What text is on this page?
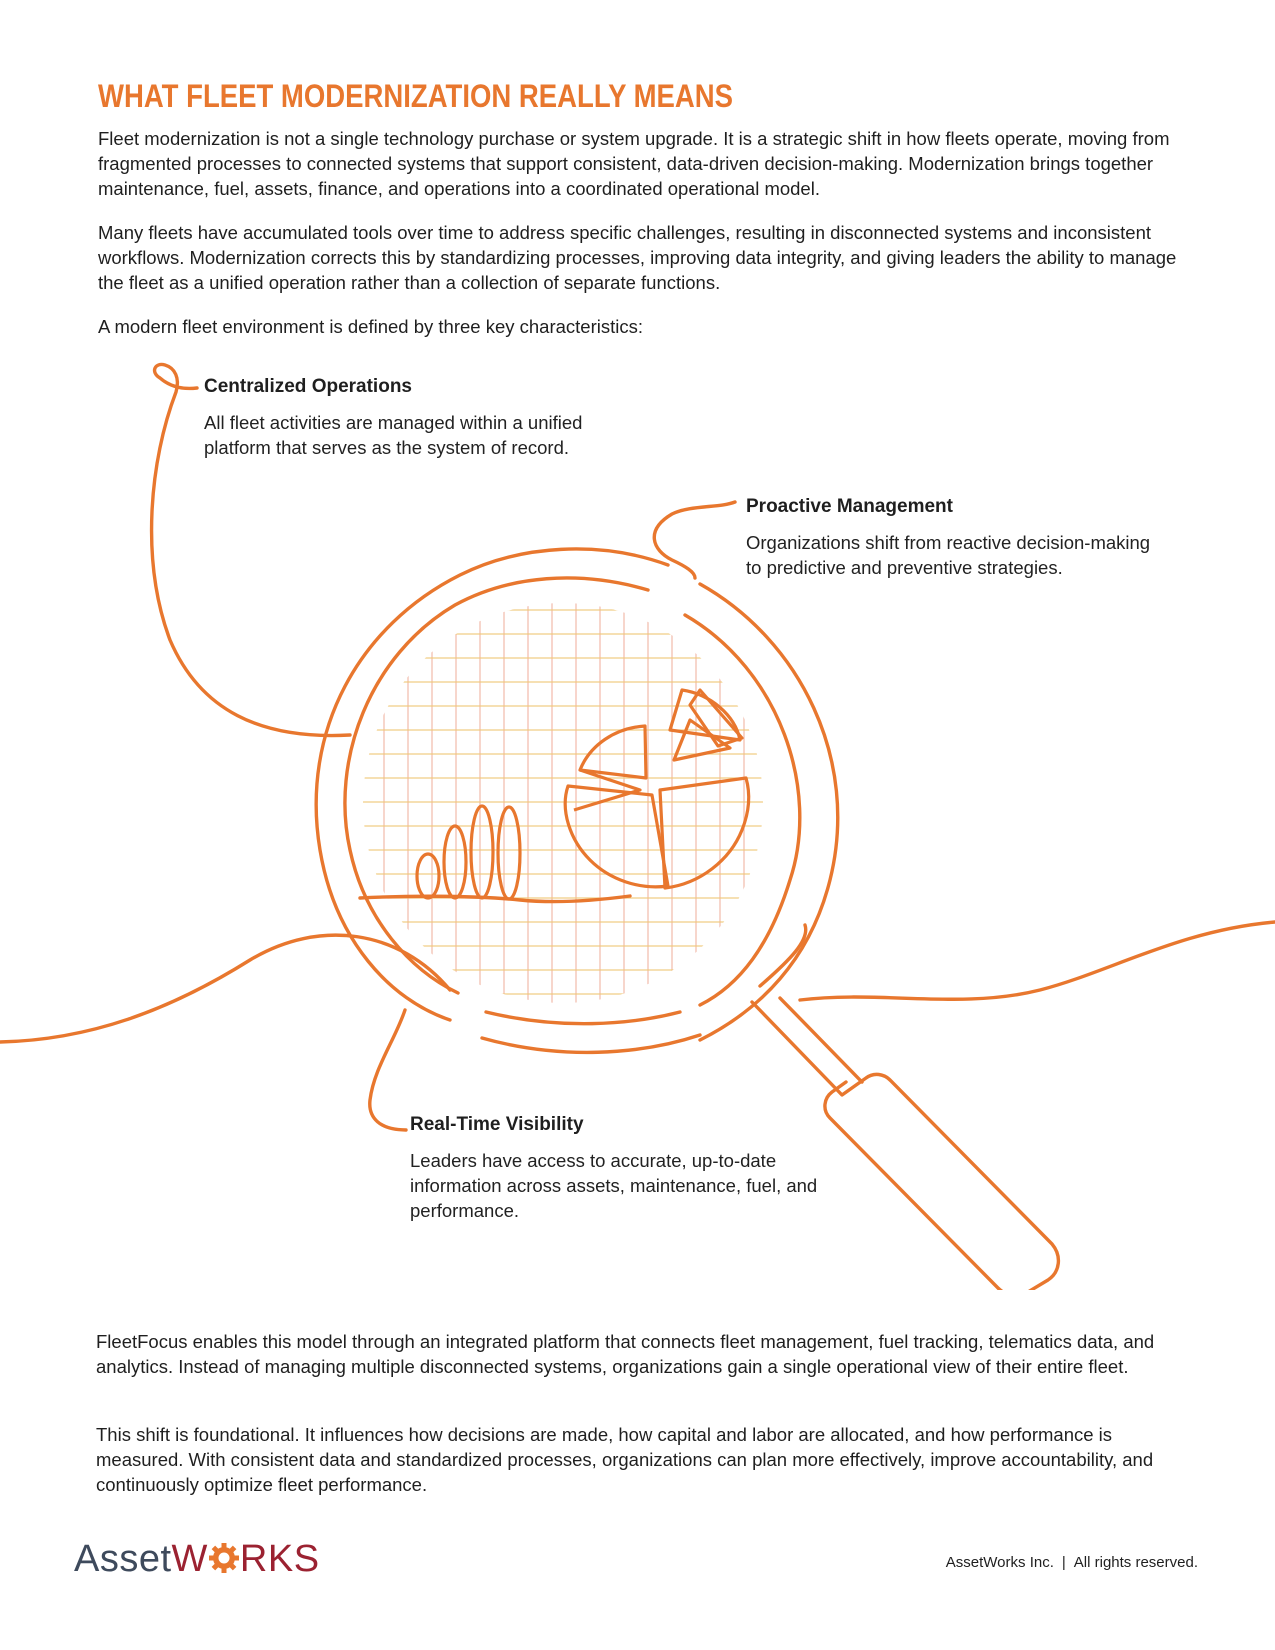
WHAT FLEET MODERNIZATION REALLY MEANS

Fleet modernization is not a single technology purchase or system upgrade. It is a strategic shift in how fleets operate, moving from fragmented processes to connected systems that support consistent, data-driven decision-making. Modernization brings together maintenance, fuel, assets, finance, and operations into a coordinated operational model.

Many fleets have accumulated tools over time to address specific challenges, resulting in disconnected systems and inconsistent workflows. Modernization corrects this by standardizing processes, improving data integrity, and giving leaders the ability to manage the fleet as a unified operation rather than a collection of separate functions.

A modern fleet environment is defined by three key characteristics:

Centralized Operations

All fleet activities are managed within a unified platform that serves as the system of record.

Proactive Management

Organizations shift from reactive decision-making to predictive and preventive strategies.

Real-Time Visibility

Leaders have access to accurate, up-to-date information across assets, maintenance, fuel, and performance.

FleetFocus enables this model through an integrated platform that connects fleet management, fuel tracking, telematics data, and analytics. Instead of managing multiple disconnected systems, organizations gain a single operational view of their entire fleet.

This shift is foundational. It influences how decisions are made, how capital and labor are allocated, and how performance is measured. With consistent data and standardized processes, organizations can plan more effectively, improve accountability, and continuously optimize fleet performance.

AssetW RKS	AssetWorks Inc. | All rights reserved.
